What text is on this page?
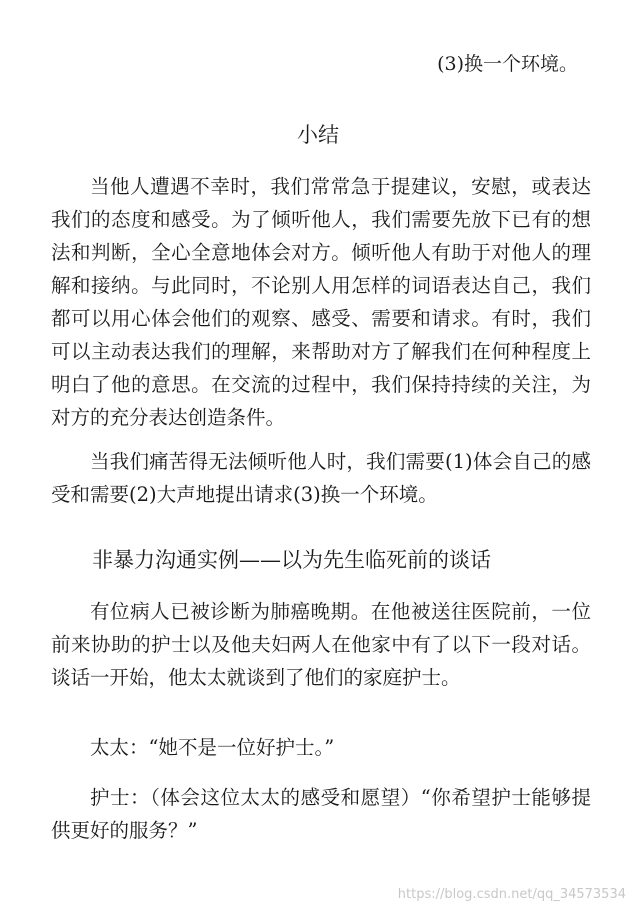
(3)换一个环境。
小结

当他人遭遇不幸时，我们常常急于提建议，安慰，或表达我们的态度和感受。为了倾听他人，我们需要先放下已有的想法和判断，全心全意地体会对方。倾听他人有助于对他人的理解和接纳。与此同时，不论别人用怎样的词语表达自己，我们都可以用心体会他们的观察、感受、需要和请求。有时，我们可以主动表达我们的理解，来帮助对方了解我们在何种程度上明白了他的意思。在交流的过程中，我们保持持续的关注，为对方的充分表达创造条件。

当我们痛苦得无法倾听他人时，我们需要(1)体会自己的感受和需要(2)大声地提出请求(3)换一个环境。

非暴力沟通实例——以为先生临死前的谈话

有位病人已被诊断为肺癌晚期。在他被送往医院前，一位前来协助的护士以及他夫妇两人在他家中有了以下一段对话。谈话一开始，他太太就谈到了他们的家庭护士。

太太：“她不是一位好护士。”

护士：（体会这位太太的感受和愿望）“你希望护士能够提供更好的服务？”

https://blog.csdn.net/qq_34573534
